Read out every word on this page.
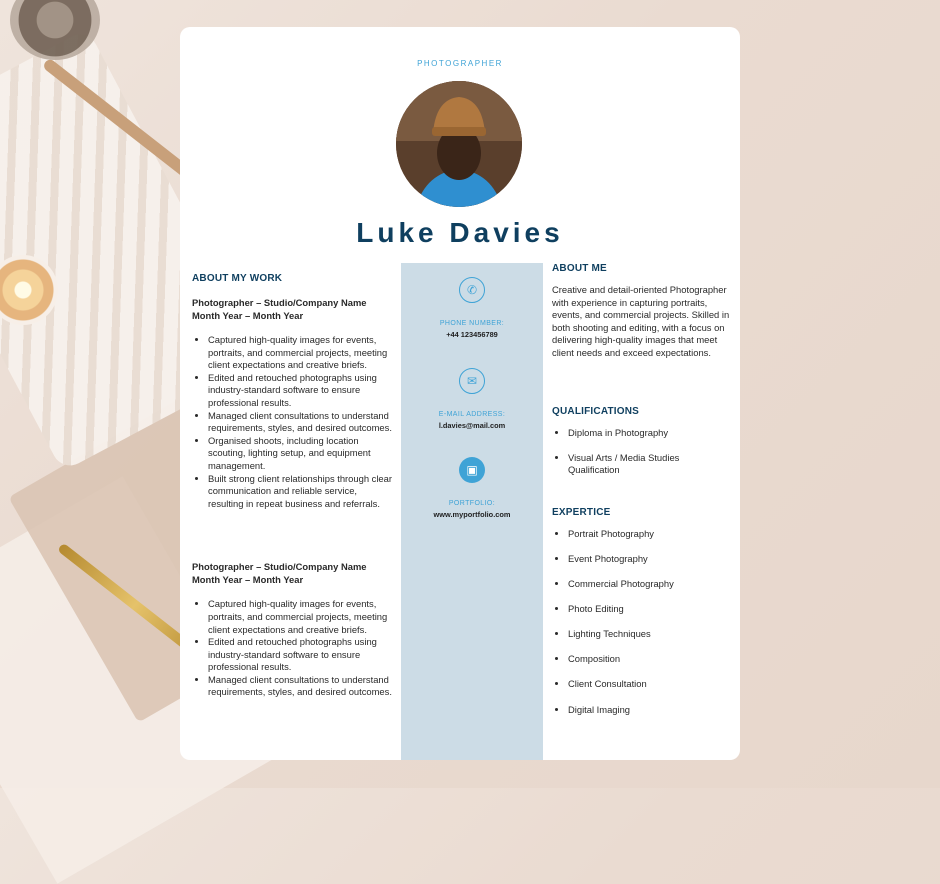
PHOTOGRAPHER
Luke Davies
✆
PHONE NUMBER:
+44 123456789
✉
E-MAIL ADDRESS:
l.davies@mail.com
▣
PORTFOLIO:
www.myportfolio.com
ABOUT MY WORK
Photographer – Studio/Company Name
Month Year – Month Year
• Captured high-quality images for events, portraits, and commercial projects, meeting client expectations and creative briefs.
• Edited and retouched photographs using industry-standard software to ensure professional results.
• Managed client consultations to understand requirements, styles, and desired outcomes.
• Organised shoots, including location scouting, lighting setup, and equipment management.
• Built strong client relationships through clear communication and reliable service, resulting in repeat business and referrals.
Photographer – Studio/Company Name
Month Year – Month Year
• Captured high-quality images for events, portraits, and commercial projects, meeting client expectations and creative briefs.
• Edited and retouched photographs using industry-standard software to ensure professional results.
• Managed client consultations to understand requirements, styles, and desired outcomes.
ABOUT ME
Creative and detail-oriented Photographer with experience in capturing portraits, events, and commercial projects. Skilled in both shooting and editing, with a focus on delivering high-quality images that meet client needs and exceed expectations.
QUALIFICATIONS
• Diploma in Photography
• Visual Arts / Media Studies Qualification
EXPERTICE
• Portrait Photography
• Event Photography
• Commercial Photography
• Photo Editing
• Lighting Techniques
• Composition
• Client Consultation
• Digital Imaging
